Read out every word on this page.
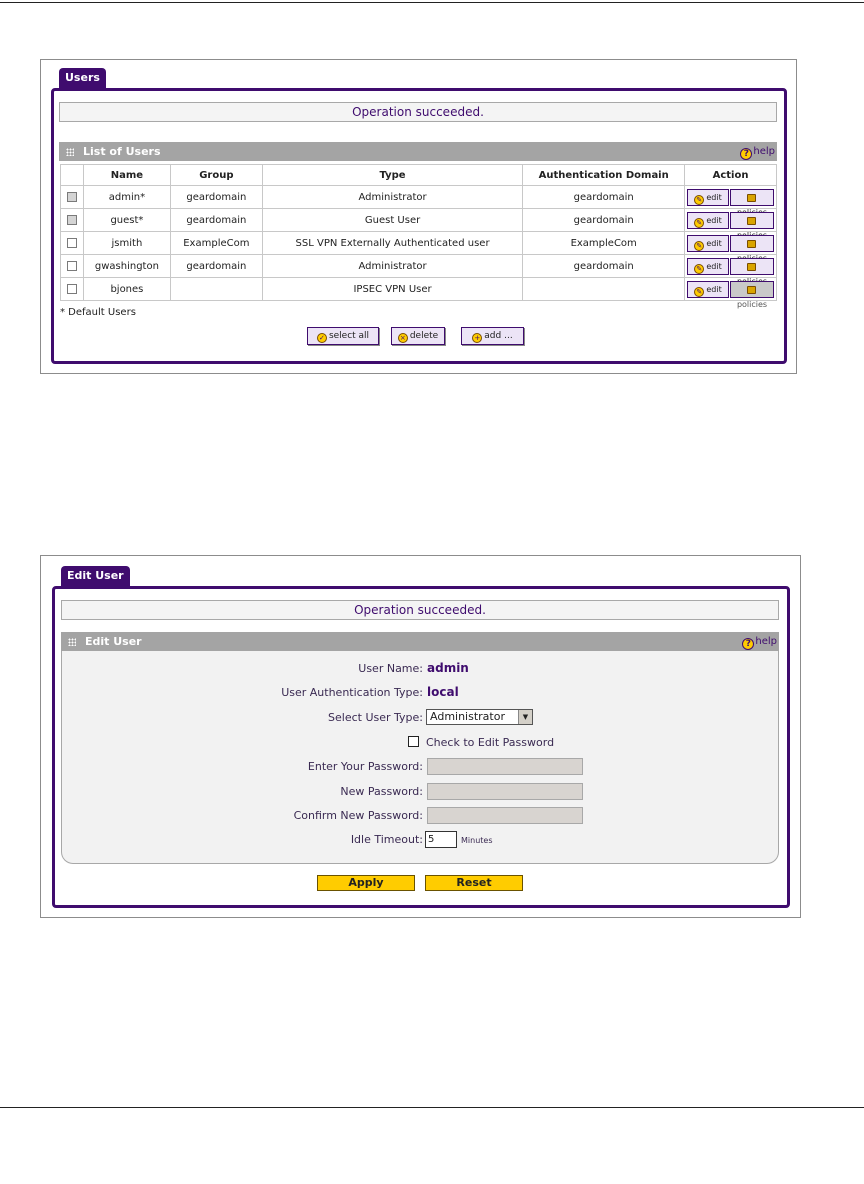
Users
Operation succeeded.
List of Users	? help
	Name	Group	Type	Authentication Domain	Action
	admin*	geardomain	Administrator	geardomain	✎ edit
	guest*	geardomain	Guest User	geardomain	✎ edit
	jsmith	ExampleCom	SSL VPN Externally Authenticated user	ExampleCom	✎ edit
	gwashington	geardomain	Administrator	geardomain	✎ edit
	bjones		IPSEC VPN User		✎ editpolicies
* Default Users
✓ select all	× delete	+ add ...
Edit User
Operation succeeded.
Edit User	? help
User Name: admin
User Authentication Type: local
Select User Type: Administrator	▼
Check to Edit Password
Enter Your Password:
New Password:
Confirm New Password:
Idle Timeout: 5	Minutes
Apply	Reset
